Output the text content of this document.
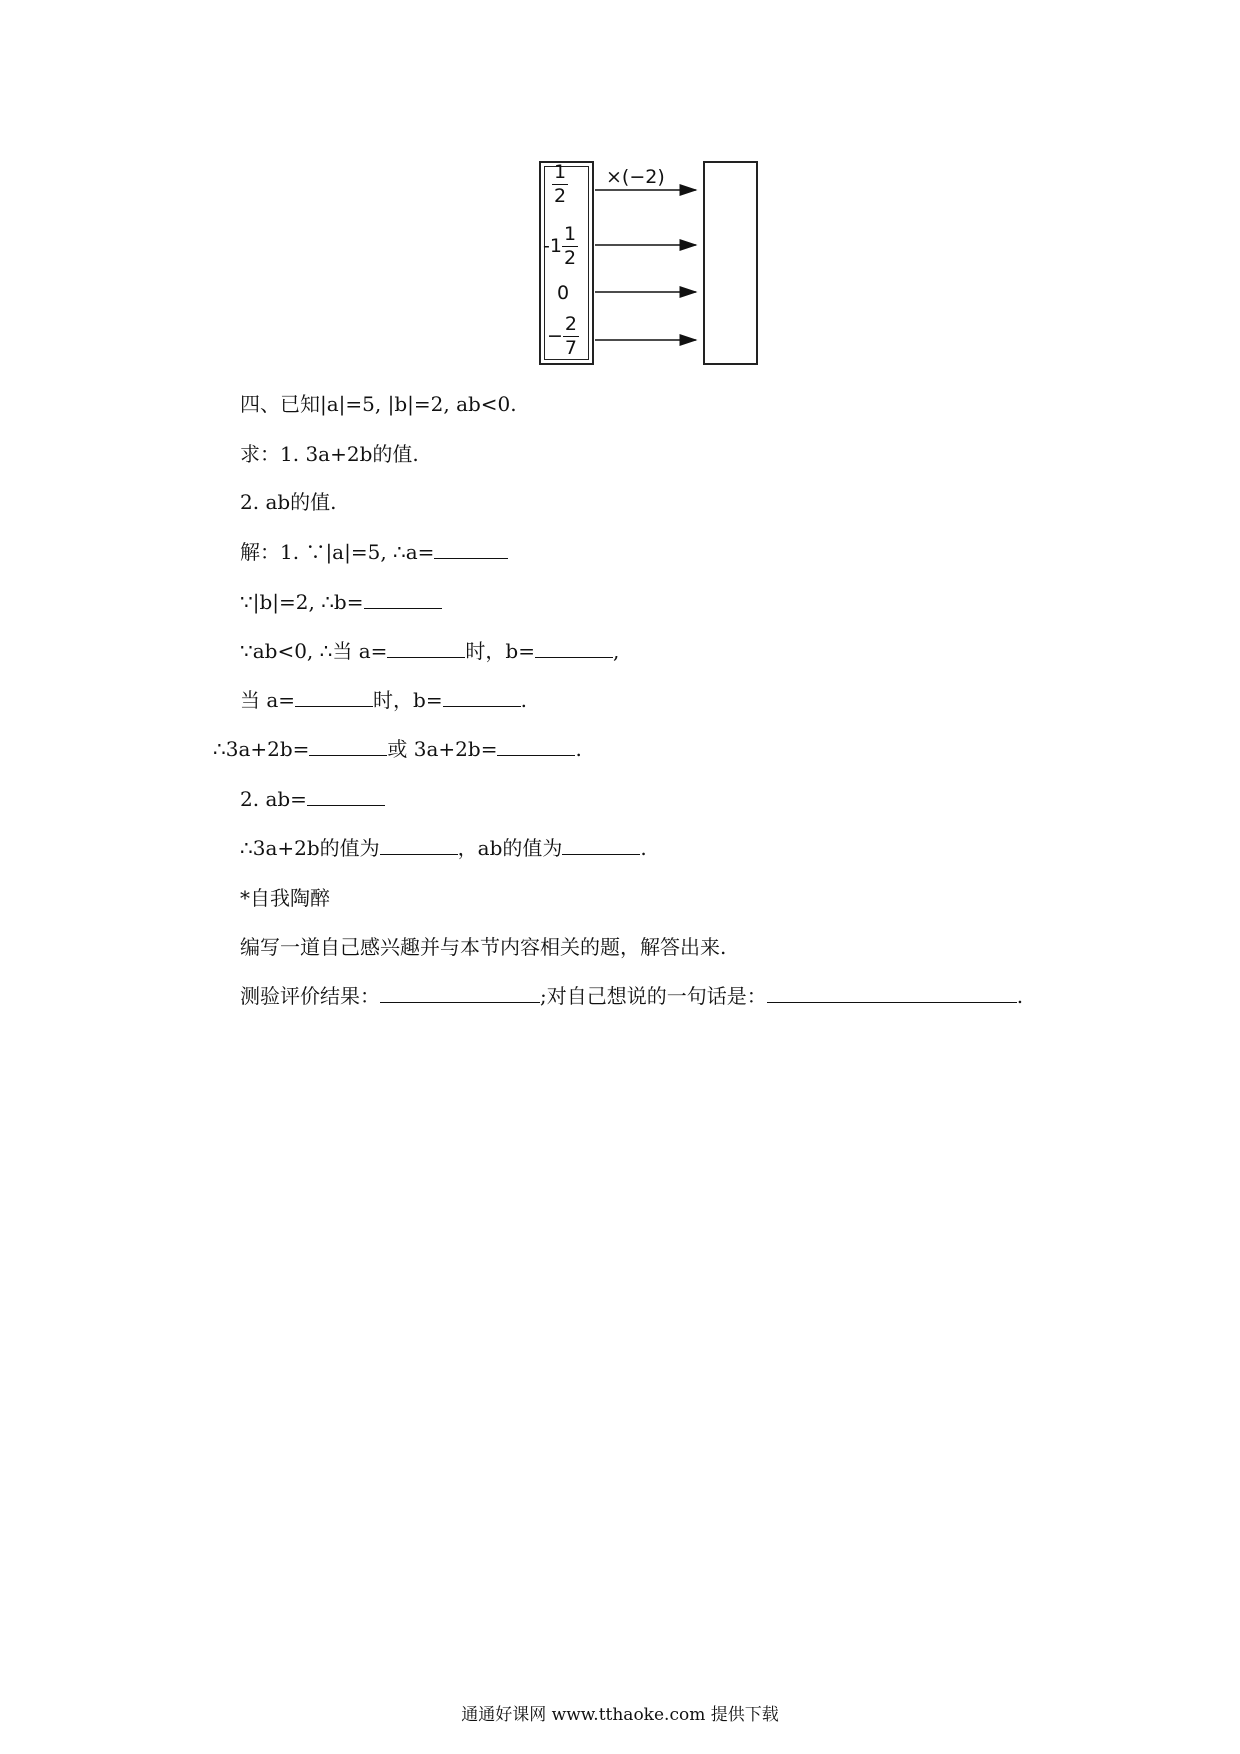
$\frac{1}{2}$
$-1 \frac{1}{2}$
0
− $\frac{2}{7}$
×(−2)
四、已知|a|=5, |b|=2, ab<0.
求：1. 3a+2b的值.
2. ab的值.
解：1. ∵|a|=5, ∴a=
∵|b|=2, ∴b=
∵ab<0, ∴当 a=	时，b=	,
当 a=	时，b=	.
∴3a+2b=	或 3a+2b=	.
2. ab=
∴3a+2b的值为	，ab的值为	.
*自我陶醉
编写一道自己感兴趣并与本节内容相关的题，解答出来.
测验评价结果：	;对自己想说的一句话是：	.
通通好课网 www.tthaoke.com 提供下载
